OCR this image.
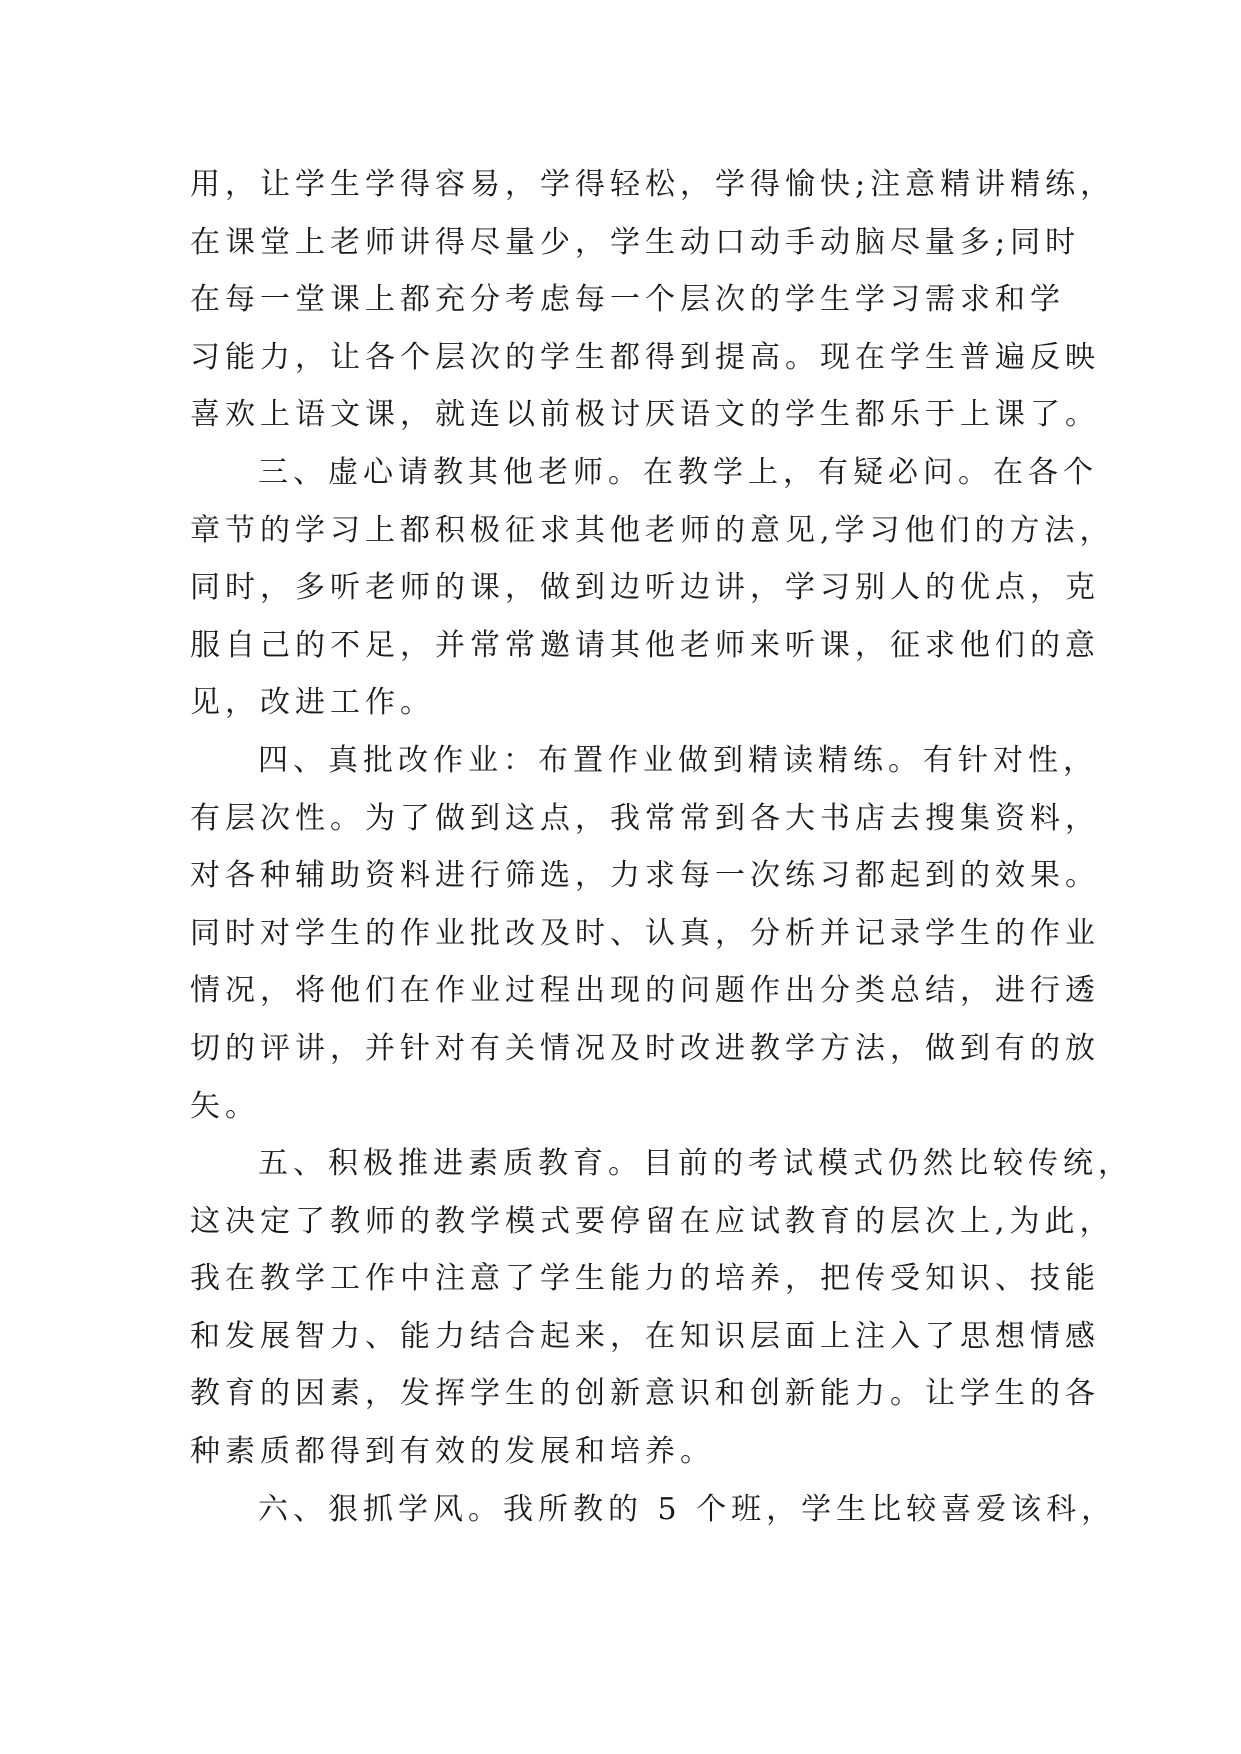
用，让学生学得容易，学得轻松，学得愉快;注意精讲精练，
在课堂上老师讲得尽量少，学生动口动手动脑尽量多;同时
在每一堂课上都充分考虑每一个层次的学生学习需求和学
习能力，让各个层次的学生都得到提高。现在学生普遍反映
喜欢上语文课，就连以前极讨厌语文的学生都乐于上课了。
三、虚心请教其他老师。在教学上，有疑必问。在各个
章节的学习上都积极征求其他老师的意见,学习他们的方法，
同时，多听老师的课，做到边听边讲，学习别人的优点，克
服自己的不足，并常常邀请其他老师来听课，征求他们的意
见，改进工作。
四、真批改作业：布置作业做到精读精练。有针对性，
有层次性。为了做到这点，我常常到各大书店去搜集资料，
对各种辅助资料进行筛选，力求每一次练习都起到的效果。
同时对学生的作业批改及时、认真，分析并记录学生的作业
情况，将他们在作业过程出现的问题作出分类总结，进行透
切的评讲，并针对有关情况及时改进教学方法，做到有的放
矢。
五、积极推进素质教育。目前的考试模式仍然比较传统，
这决定了教师的教学模式要停留在应试教育的层次上,为此，
我在教学工作中注意了学生能力的培养，把传受知识、技能
和发展智力、能力结合起来，在知识层面上注入了思想情感
教育的因素，发挥学生的创新意识和创新能力。让学生的各
种素质都得到有效的发展和培养。
六、狠抓学风。我所教的 5 个班，学生比较喜爱该科，
